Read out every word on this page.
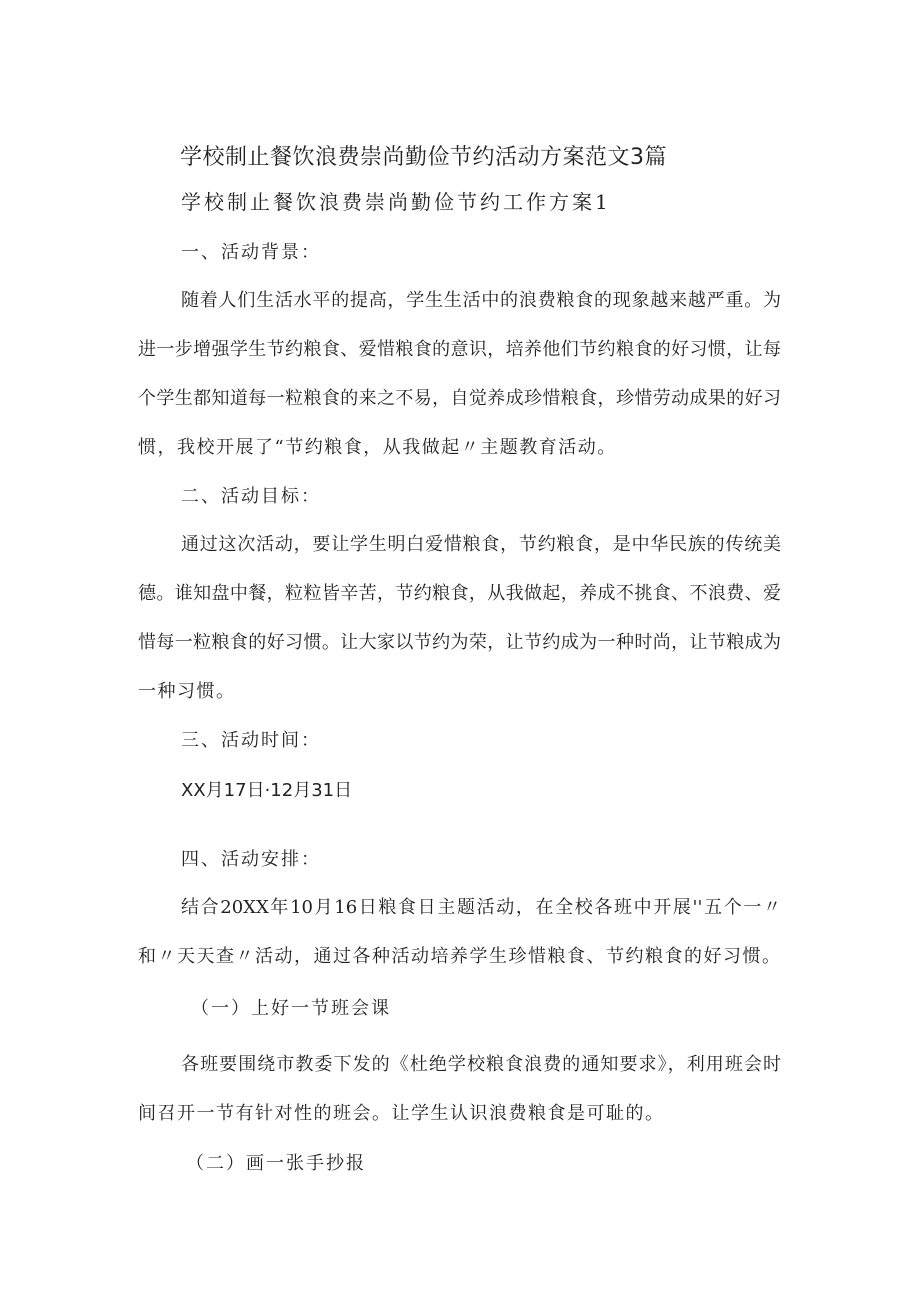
学校制止餐饮浪费崇尚勤俭节约活动方案范文3篇
学校制止餐饮浪费崇尚勤俭节约工作方案1
一、活动背景：
随着人们生活水平的提高，学生生活中的浪费粮食的现象越来越严重。为
进一步增强学生节约粮食、爱惜粮食的意识，培养他们节约粮食的好习惯，让每
个学生都知道每一粒粮食的来之不易，自觉养成珍惜粮食，珍惜劳动成果的好习
惯，我校开展了“节约粮食，从我做起〃主题教育活动。
二、活动目标：
通过这次活动，要让学生明白爱惜粮食，节约粮食，是中华民族的传统美
德。谁知盘中餐，粒粒皆辛苦，节约粮食，从我做起，养成不挑食、不浪费、爱
惜每一粒粮食的好习惯。让大家以节约为荣，让节约成为一种时尚，让节粮成为
一种习惯。
三、活动时间：
XX月17日·12月31日
四、活动安排：
结合20XX年10月16日粮食日主题活动，在全校各班中开展''五个一〃
和〃天天查〃活动，通过各种活动培养学生珍惜粮食、节约粮食的好习惯。
（一）上好一节班会课
各班要围绕市教委下发的《杜绝学校粮食浪费的通知要求》，利用班会时
间召开一节有针对性的班会。让学生认识浪费粮食是可耻的。
（二）画一张手抄报
